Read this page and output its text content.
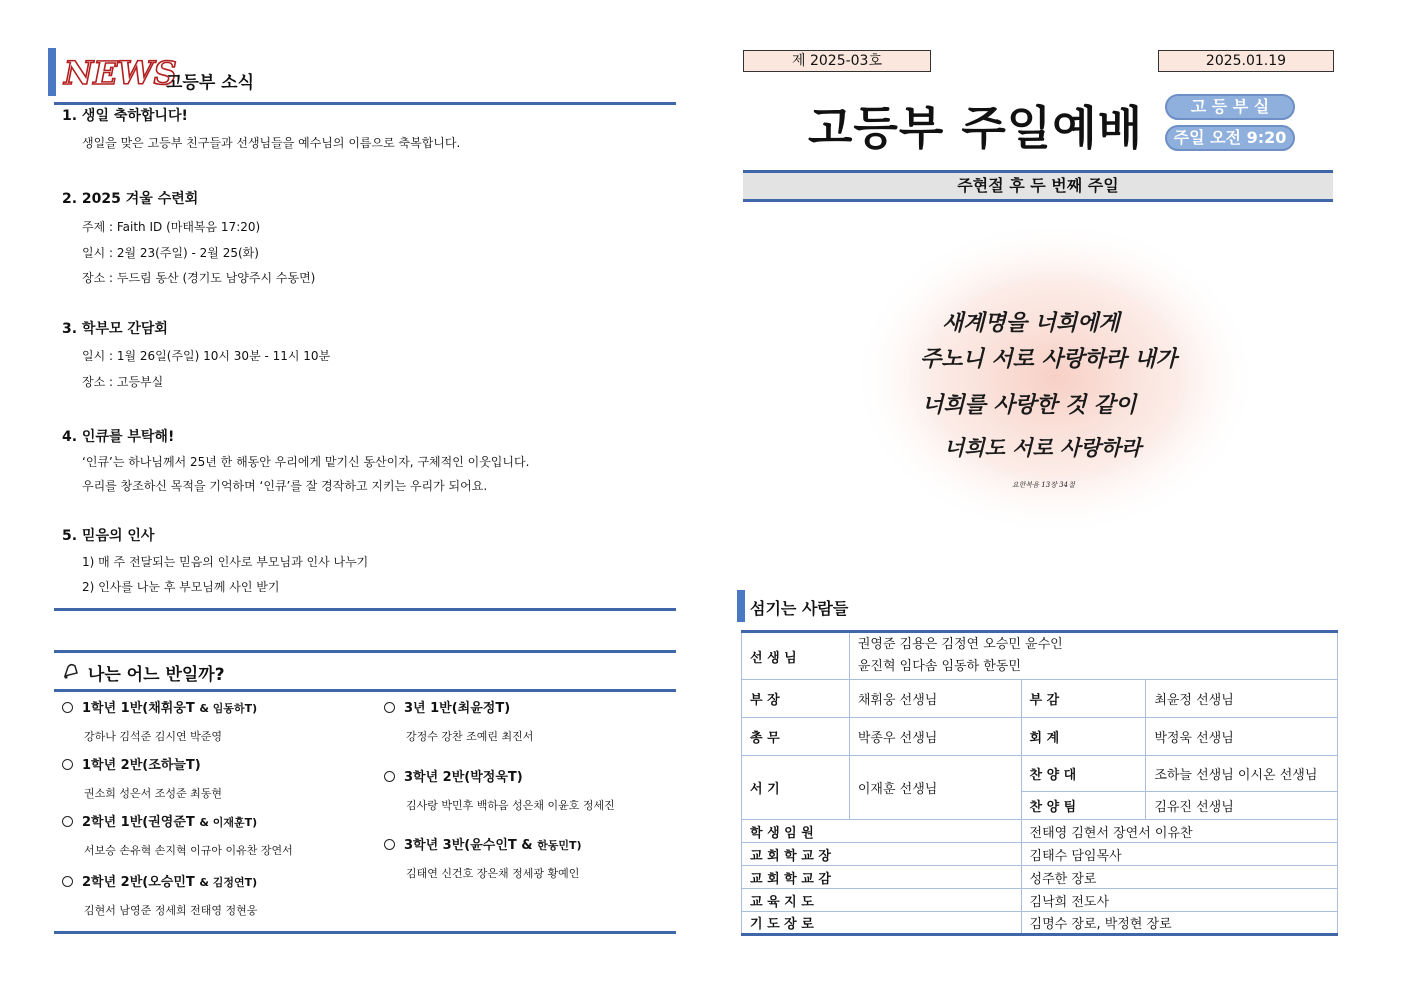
NEWS
고등부 소식
1. 생일 축하합니다!
생일을 맞은 고등부 친구들과 선생님들을 예수님의 이름으로 축복합니다.
2. 2025 겨울 수련회
주제 : Faith ID (마태복음 17:20)
일시 : 2월 23(주일) - 2월 25(화)
장소 : 두드림 동산 (경기도 남양주시 수동면)
3. 학부모 간담회
일시 : 1월 26일(주일) 10시 30분 - 11시 10분
장소 : 고등부실
4. 인큐를 부탁해!
‘인큐’는 하나님께서 25년 한 해동안 우리에게 맡기신 동산이자, 구체적인 이웃입니다.
우리를 창조하신 목적을 기억하며 ‘인큐’를 잘 경작하고 지키는 우리가 되어요.
5. 믿음의 인사
1) 매 주 전달되는 믿음의 인사로 부모님과 인사 나누기
2) 인사를 나눈 후 부모님께 사인 받기
나는 어느 반일까?
1학년 1반(채휘웅T & 임동하T)
강하나 김석준 김시연 박준영
1학년 2반(조하늘T)
권소희 성은서 조성준 최동현
2학년 1반(권영준T & 이재훈T)
서보승 손유혁 손지혁 이규아 이유찬 장연서
2학년 2반(오승민T & 김정연T)
김현서 남영준 정세희 전태영 정현웅
3년 1반(최윤정T)
강정수 강찬 조예린 최진서
3학년 2반(박정욱T)
김사랑 박민후 백하음 성은채 이윤호 정세진
3학년 3반(윤수인T & 한동민T)
김태연 신건호 장은채 정세광 황예인
제 2025-03호	2025.01.19
고등부 주일예배	고 등 부 실
주일 오전 9:20
주현절 후 두 번째 주일
새계명을 너희에게
주노니 서로 사랑하라 내가
너희를 사랑한 것 같이
너희도 서로 사랑하라
요한복음 13장 34절
섬기는 사람들
선 생 님	권영준 김용은 김정연 오승민 윤수인
윤진혁 임다솜 임동하 한동민		

부 장	채휘웅 선생님	부 감	최윤정 선생님

총 무	박종우 선생님	회 계	박정욱 선생님

서 기	이재훈 선생님	찬 양 대	조하늘 선생님 이시온 선생님

		찬 양 팀	김유진 선생님

학 생 임 원		전태영 김현서 장연서 이유찬	

교 회 학 교 장		김태수 담임목사	

교 회 학 교 감		성주한 장로	

교 육 지 도		김낙희 전도사	

기 도 장 로		김명수 장로, 박정현 장로	
